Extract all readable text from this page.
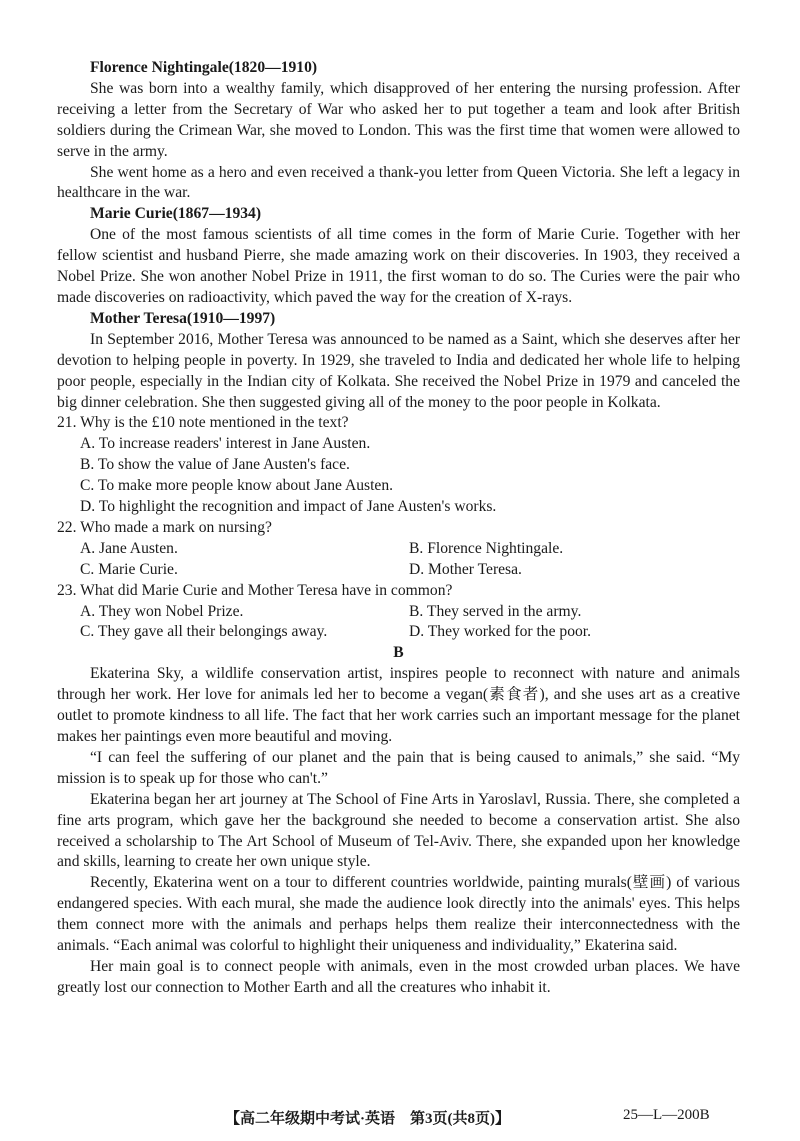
Florence Nightingale(1820—1910)

She was born into a wealthy family, which disapproved of her entering the nursing profession. After receiving a letter from the Secretary of War who asked her to put together a team and look after British soldiers during the Crimean War, she moved to London. This was the first time that women were allowed to serve in the army.

She went home as a hero and even received a thank-you letter from Queen Victoria. She left a legacy in healthcare in the war.

Marie Curie(1867—1934)

One of the most famous scientists of all time comes in the form of Marie Curie. Together with her fellow scientist and husband Pierre, she made amazing work on their discoveries. In 1903, they received a Nobel Prize. She won another Nobel Prize in 1911, the first woman to do so. The Curies were the pair who made discoveries on radioactivity, which paved the way for the creation of X-rays.

Mother Teresa(1910—1997)

In September 2016, Mother Teresa was announced to be named as a Saint, which she deserves after her devotion to helping people in poverty. In 1929, she traveled to India and dedicated her whole life to helping poor people, especially in the Indian city of Kolkata. She received the Nobel Prize in 1979 and canceled the big dinner celebration. She then suggested giving all of the money to the poor people in Kolkata.

21. Why is the £10 note mentioned in the text?

A. To increase readers' interest in Jane Austen.

B. To show the value of Jane Austen's face.

C. To make more people know about Jane Austen.

D. To highlight the recognition and impact of Jane Austen's works.

22. Who made a mark on nursing?

A. Jane Austen.	B. Florence Nightingale.

C. Marie Curie.	D. Mother Teresa.

23. What did Marie Curie and Mother Teresa have in common?

A. They won Nobel Prize.	B. They served in the army.

C. They gave all their belongings away.	D. They worked for the poor.

B

Ekaterina Sky, a wildlife conservation artist, inspires people to reconnect with nature and animals through her work. Her love for animals led her to become a vegan(素食者), and she uses art as a creative outlet to promote kindness to all life. The fact that her work carries such an important message for the planet makes her paintings even more beautiful and moving.

“I can feel the suffering of our planet and the pain that is being caused to animals,” she said. “My mission is to speak up for those who can't.”

Ekaterina began her art journey at The School of Fine Arts in Yaroslavl, Russia. There, she completed a fine arts program, which gave her the background she needed to become a conservation artist. She also received a scholarship to The Art School of Museum of Tel-Aviv. There, she expanded upon her knowledge and skills, learning to create her own unique style.

Recently, Ekaterina went on a tour to different countries worldwide, painting murals(壁画) of various endangered species. With each mural, she made the audience look directly into the animals' eyes. This helps them connect more with the animals and perhaps helps them realize their interconnectedness with the animals. “Each animal was colorful to highlight their uniqueness and individuality,” Ekaterina said.

Her main goal is to connect people with animals, even in the most crowded urban places. We have greatly lost our connection to Mother Earth and all the creatures who inhabit it.

【高二年级期中考试·英语　第3页(共8页)】	25—L—200B
